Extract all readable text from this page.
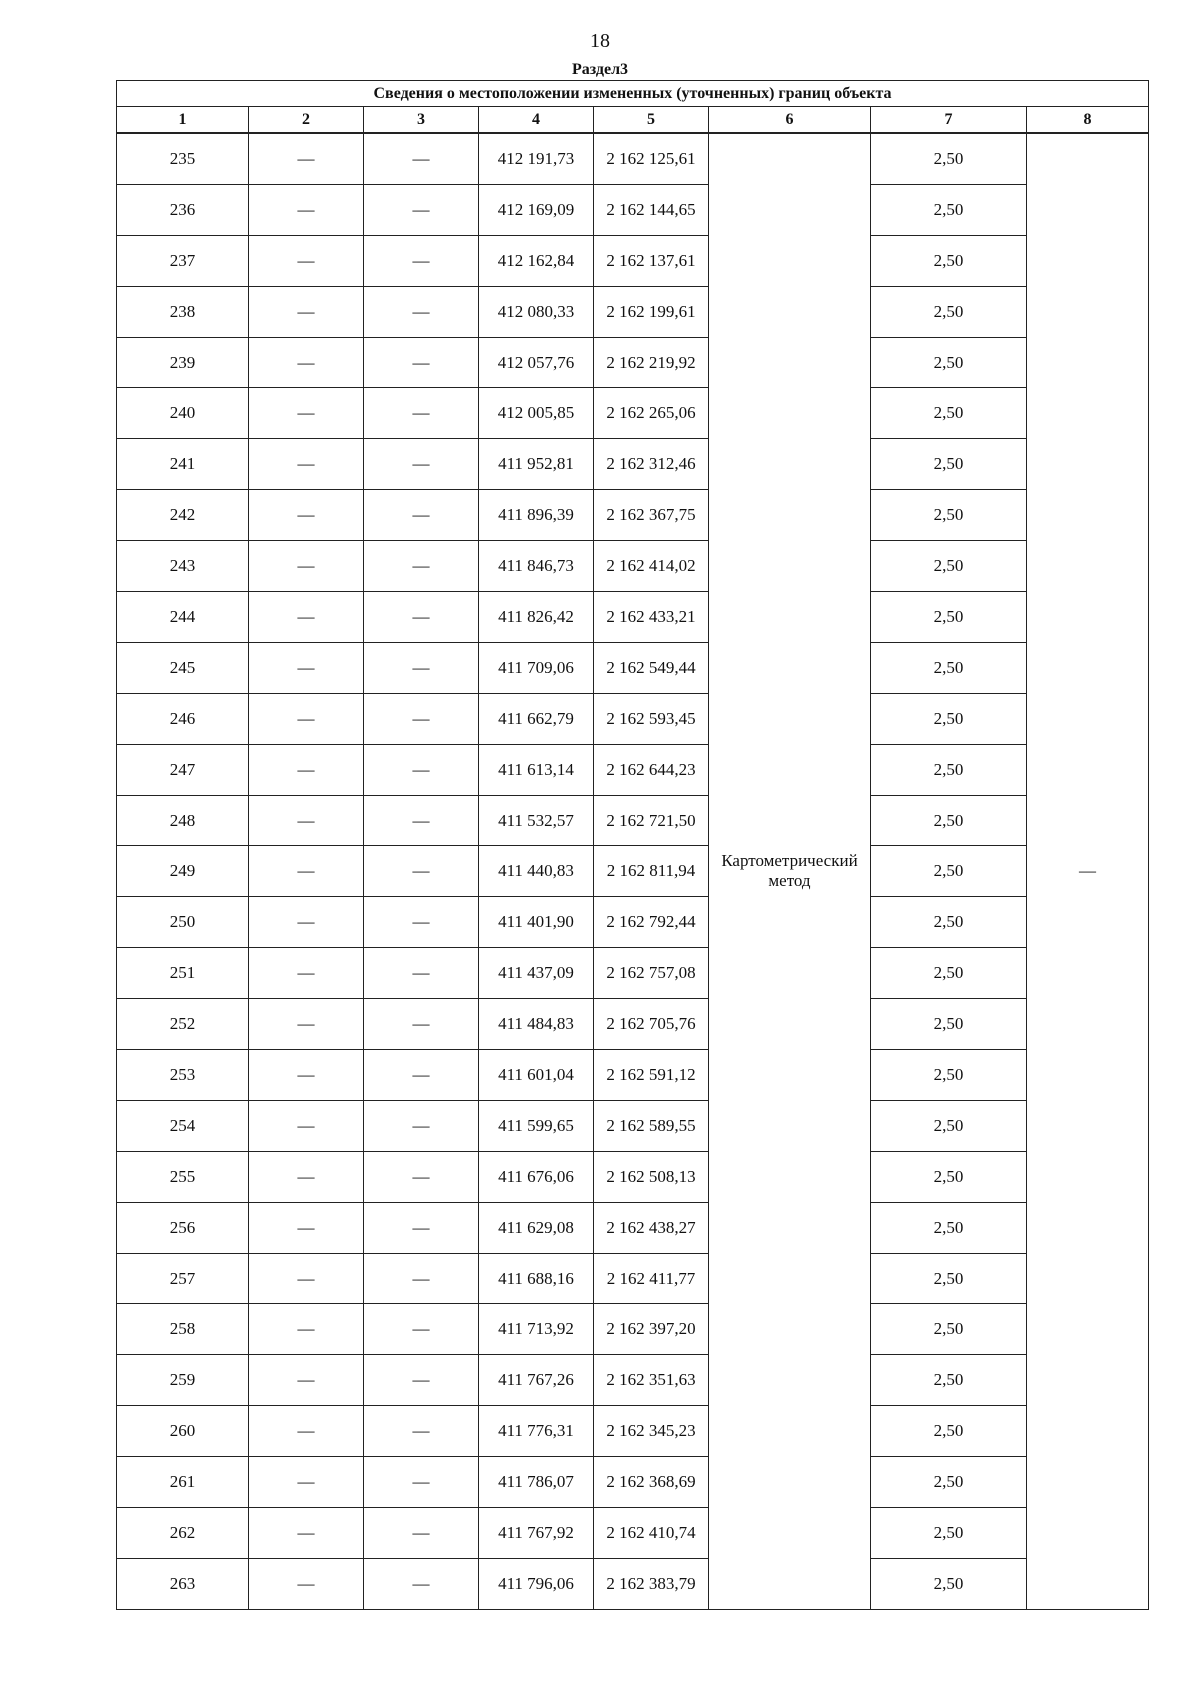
18
Раздел3
Сведения о местоположении измененных (уточненных) границ объекта							
1	2	3	4	5	6	7	8
235	—	—	412 191,73	2 162 125,61	Картометрический метод	2,50	—
236	—	—	412 169,09	2 162 144,65		2,50	
237	—	—	412 162,84	2 162 137,61		2,50	
238	—	—	412 080,33	2 162 199,61		2,50	
239	—	—	412 057,76	2 162 219,92		2,50	
240	—	—	412 005,85	2 162 265,06		2,50	
241	—	—	411 952,81	2 162 312,46		2,50	
242	—	—	411 896,39	2 162 367,75		2,50	
243	—	—	411 846,73	2 162 414,02		2,50	
244	—	—	411 826,42	2 162 433,21		2,50	
245	—	—	411 709,06	2 162 549,44		2,50	
246	—	—	411 662,79	2 162 593,45		2,50	
247	—	—	411 613,14	2 162 644,23		2,50	
248	—	—	411 532,57	2 162 721,50		2,50	
249	—	—	411 440,83	2 162 811,94		2,50	
250	—	—	411 401,90	2 162 792,44		2,50	
251	—	—	411 437,09	2 162 757,08		2,50	
252	—	—	411 484,83	2 162 705,76		2,50	
253	—	—	411 601,04	2 162 591,12		2,50	
254	—	—	411 599,65	2 162 589,55		2,50	
255	—	—	411 676,06	2 162 508,13		2,50	
256	—	—	411 629,08	2 162 438,27		2,50	
257	—	—	411 688,16	2 162 411,77		2,50	
258	—	—	411 713,92	2 162 397,20		2,50	
259	—	—	411 767,26	2 162 351,63		2,50	
260	—	—	411 776,31	2 162 345,23		2,50	
261	—	—	411 786,07	2 162 368,69		2,50	
262	—	—	411 767,92	2 162 410,74		2,50	
263	—	—	411 796,06	2 162 383,79		2,50	
